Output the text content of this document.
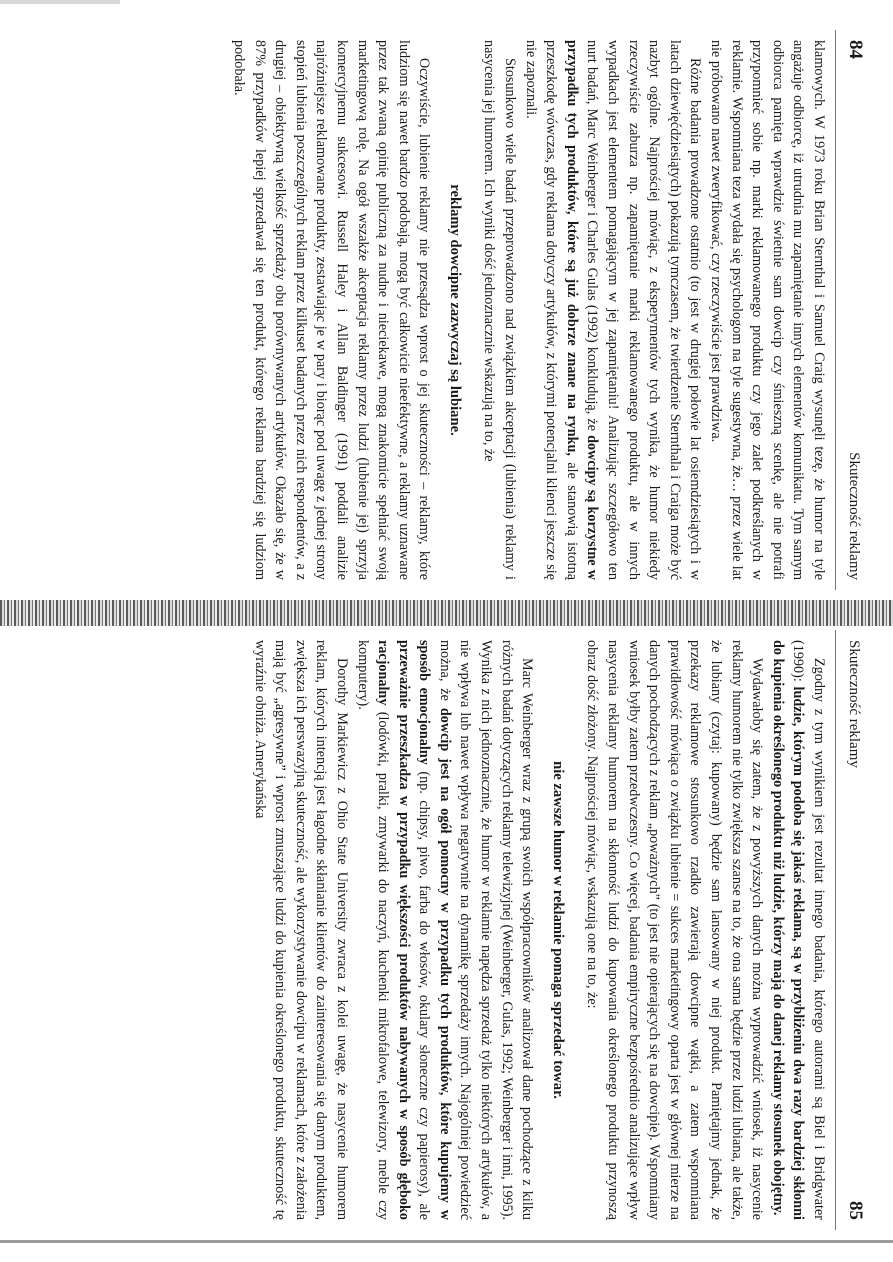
84
Skuteczność reklamy

klamowych. W 1973 roku Brian Sternthal i Samuel Craig wysunęli tezę, że humor na tyle angażuje odbiorcę, iż utrudnia mu zapamiętanie innych elementów komunikatu. Tym samym odbiorca pamięta wprawdzie świetnie sam dowcip czy śmieszną scenkę, ale nie potrafi przypomnieć sobie np. marki reklamowanego produktu czy jego zalet podkreślanych w reklamie. Wspomniana teza wydała się psychologom na tyle sugestywna, że… przez wiele lat nie próbowano nawet zweryfikować, czy rzeczywiście jest prawdziwa.

Różne badania prowadzone ostatnio (to jest w drugiej połowie lat osiemdziesiątych i w latach dziewięćdziesiątych) pokazują tymczasem, że twierdzenie Sternthala i Craiga może być nazbyt ogólne. Najprościej mówiąc, z eksperymentów tych wynika, że humor niekiedy rzeczywiście zaburza np. zapamiętanie marki reklamowanego produktu, ale w innych wypadkach jest elementem pomagającym w jej zapamiętaniu! Analizując szczegółowo ten nurt badań, Marc Weinberger i Charles Gulas (1992) konkludują, że dowcipy są korzystne w przypadku tych produktów, które są już dobrze znane na rynku, ale stanowią istotną przeszkodę wówczas, gdy reklama dotyczy artykułów, z którymi potencjalni klienci jeszcze się nie zapoznali.

Stosunkowo wiele badań przeprowadzono nad związkiem akceptacji (lubienia) reklamy i nasycenia jej humorem. Ich wyniki dość jednoznacznie wskazują na to, że

reklamy dowcipne zazwyczaj są lubiane.

Oczywiście, lubienie reklamy nie przesądza wprost o jej skuteczności – reklamy, które ludziom się nawet bardzo podobają, mogą być całkowicie nieefektywne, a reklamy uznawane przez tak zwaną opinię publiczną za nudne i nieciekawe, mogą znakomicie spełniać swoją marketingową rolę. Na ogół wszakże akceptacja reklamy przez ludzi (lubienie jej) sprzyja komercyjnemu sukcesowi. Russell Haley i Allan Baldinger (1991) poddali analizie najróżniejsze reklamowane produkty, zestawiając je w pary i biorąc pod uwagę z jednej strony stopień lubienia poszczególnych reklam przez kilkuset badanych przez nich respondentów, a z drugiej – obiektywną wielkość sprzedaży obu porównywanych artykułów. Okazało się, że w 87% przypadków lepiej sprzedawał się ten produkt, którego reklama bardziej się ludziom podobała.

Skuteczność reklamy
85

Zgodny z tym wynikiem jest rezultat innego badania, którego autorami są Biel i Bridgwater (1990): ludzie, którym podoba się jakaś reklama, są w przybliżeniu dwa razy bardziej skłonni do kupienia określonego produktu niż ludzie, którzy mają do danej reklamy stosunek obojętny.

Wydawałoby się zatem, że z powyższych danych można wyprowadzić wniosek, iż nasycenie reklamy humorem nie tylko zwiększa szanse na to, że ona sama będzie przez ludzi lubiana, ale także, że lubiany (czytaj: kupowany) będzie sam lansowany w niej produkt. Pamiętajmy jednak, że przekazy reklamowe stosunkowo rzadko zawierają dowcipne wątki, a zatem wspomniana prawidłowość mówiąca o związku lubienie = sukces marketingowy oparta jest w głównej mierze na danych pochodzących z reklam „poważnych” (to jest nie opierających się na dowcipie). Wspomniany wniosek byłby zatem przedwczesny. Co więcej, badania empiryczne bezpośrednio analizujące wpływ nasycenia reklamy humorem na skłonność ludzi do kupowania określonego produktu przynoszą obraz dość złożony. Najprościej mówiąc, wskazują one na to, że:

nie zawsze humor w reklamie pomaga sprzedać towar.

Marc Weinberger wraz z grupą swoich współpracowników analizował dane pochodzące z kilku różnych badań dotyczących reklamy telewizyjnej (Weinberger, Gulas, 1992; Weinberger i inni, 1995). Wynika z nich jednoznacznie, że humor w reklamie napędza sprzedaż tylko niektórych artykułów, a nie wpływa lub nawet wpływa negatywnie na dynamikę sprzedaży innych. Najogólniej powiedzieć można, że dowcip jest na ogół pomocny w przypadku tych produktów, które kupujemy w sposób emocjonalny (np. chipsy, piwo, farba do włosów, okulary słoneczne czy papierosy), ale przeważnie przeszkadza w przypadku większości produktów nabywanych w sposób głęboko racjonalny (lodówki, pralki, zmywarki do naczyń, kuchenki mikrofalowe, telewizory, meble czy komputery).

Dorothy Markiewicz z Ohio State University zwraca z kolei uwagę, że nasycenie humorem reklam, których intencją jest łagodne skłanianie klientów do zainteresowania się danym produktem, zwiększa ich perswazyjną skuteczność, ale wykorzystywanie dowcipu w reklamach, które z założenia mają być „agresywne” i wprost zmuszające ludzi do kupienia określonego produktu, skuteczność tę wyraźnie obniża. Amerykańska
